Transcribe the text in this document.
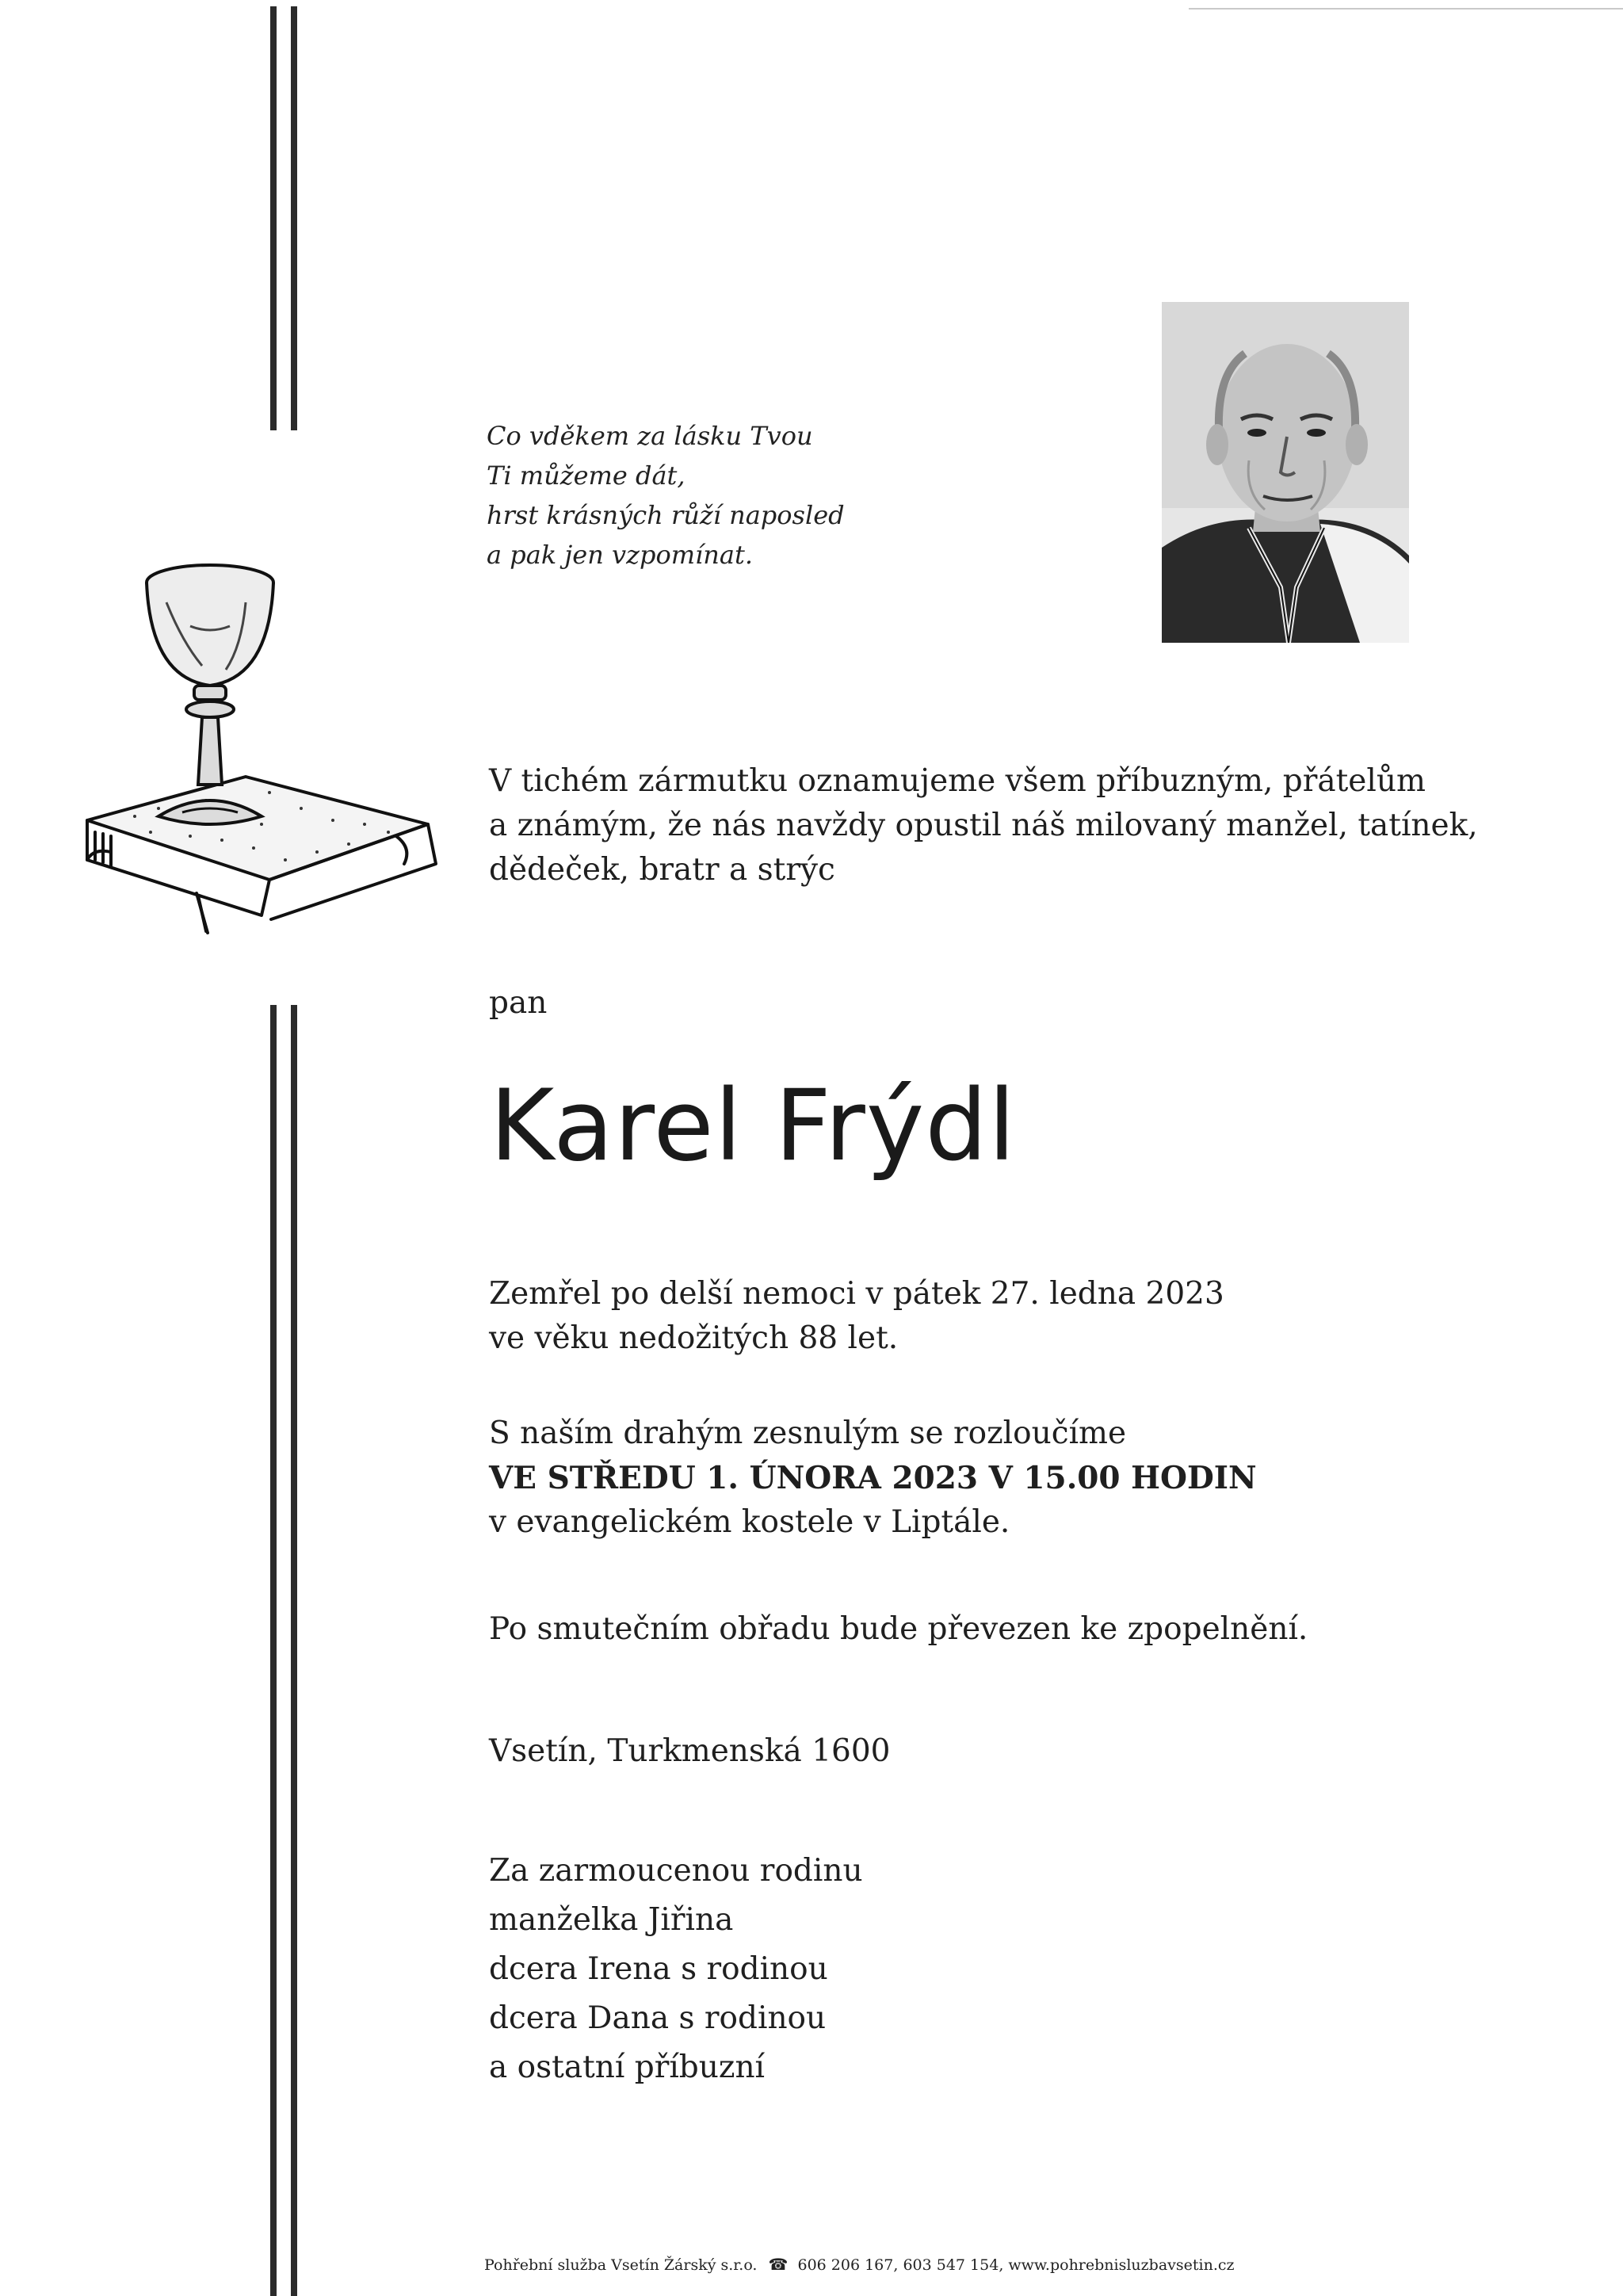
Co vděkem za lásku Tvou
Ti můžeme dát,
hrst krásných růží naposled
a pak jen vzpomínat.
V tichém zármutku oznamujeme všem příbuzným, přátelům
a známým, že nás navždy opustil náš milovaný manžel, tatínek,
dědeček, bratr a strýc
pan
Karel Frýdl
Zemřel po delší nemoci v pátek 27. ledna 2023
ve věku nedožitých 88 let.
S naším drahým zesnulým se rozloučíme
VE STŘEDU 1. ÚNORA 2023 V 15.00 HODIN
v evangelickém kostele v Liptále.
Po smutečním obřadu bude převezen ke zpopelnění.
Vsetín, Turkmenská 1600
Za zarmoucenou rodinu
manželka Jiřina
dcera Irena s rodinou
dcera Dana s rodinou
a ostatní příbuzní
Pohřební služba Vsetín Žárský s.r.o. ☎ 606 206 167, 603 547 154, www.pohrebnisluzbavsetin.cz
